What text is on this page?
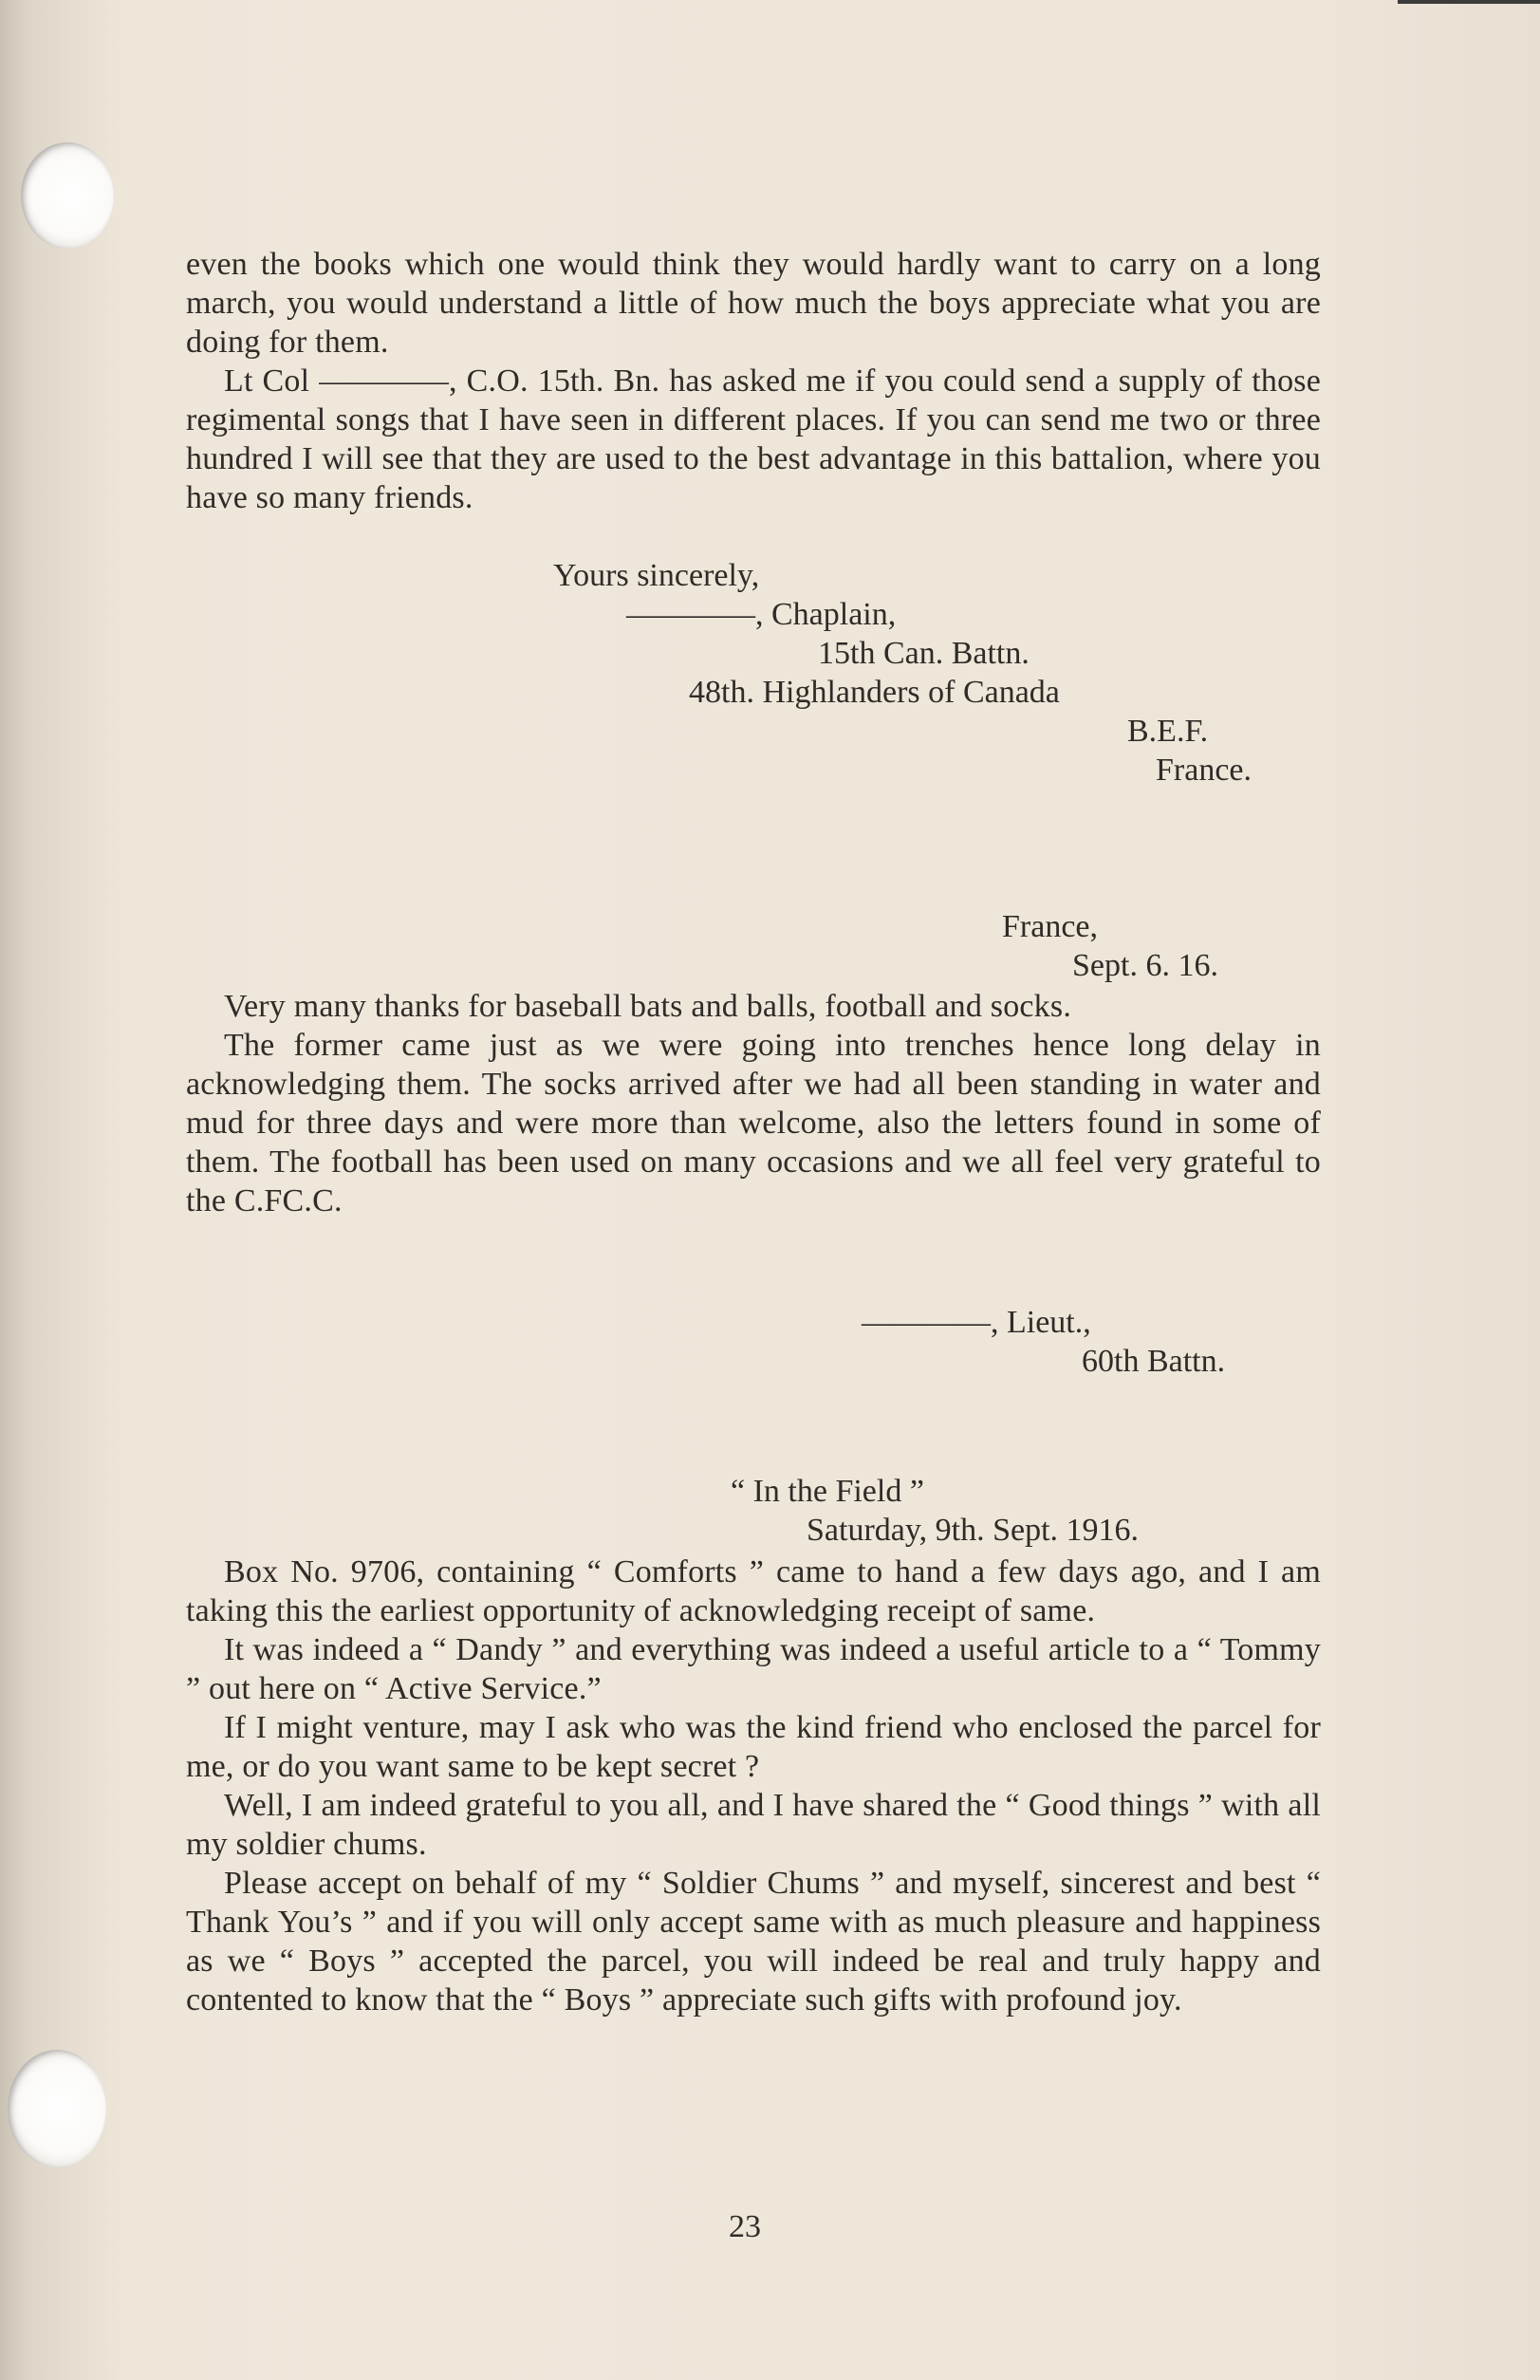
even the books which one would think they would hardly want to carry on a long march, you would understand a little of how much the boys appreciate what you are doing for them.

Lt Col ————, C.O. 15th. Bn. has asked me if you could send a supply of those regimental songs that I have seen in different places. If you can send me two or three hundred I will see that they are used to the best advantage in this battalion, where you have so many friends.

Yours sincerely,
————, Chaplain,
15th Can. Battn.
48th. Highlanders of Canada
B.E.F.
France.
France,
Sept. 6. 16.

Very many thanks for baseball bats and balls, football and socks.

The former came just as we were going into trenches hence long delay in acknowledging them. The socks arrived after we had all been standing in water and mud for three days and were more than welcome, also the letters found in some of them. The football has been used on many occasions and we all feel very grateful to the C.FC.C.

————, Lieut.,
60th Battn.
“ In the Field ”
Saturday, 9th. Sept. 1916.

Box No. 9706, containing “ Comforts ” came to hand a few days ago, and I am taking this the earliest opportunity of acknowledging receipt of same.

It was indeed a “ Dandy ” and everything was indeed a useful article to a “ Tommy ” out here on “ Active Service.”

If I might venture, may I ask who was the kind friend who enclosed the parcel for me, or do you want same to be kept secret ?

Well, I am indeed grateful to you all, and I have shared the “ Good things ” with all my soldier chums.

Please accept on behalf of my “ Soldier Chums ” and myself, sincerest and best “ Thank You’s ” and if you will only accept same with as much pleasure and happiness as we “ Boys ” accepted the parcel, you will indeed be real and truly happy and contented to know that the “ Boys ” appreciate such gifts with profound joy.

23
